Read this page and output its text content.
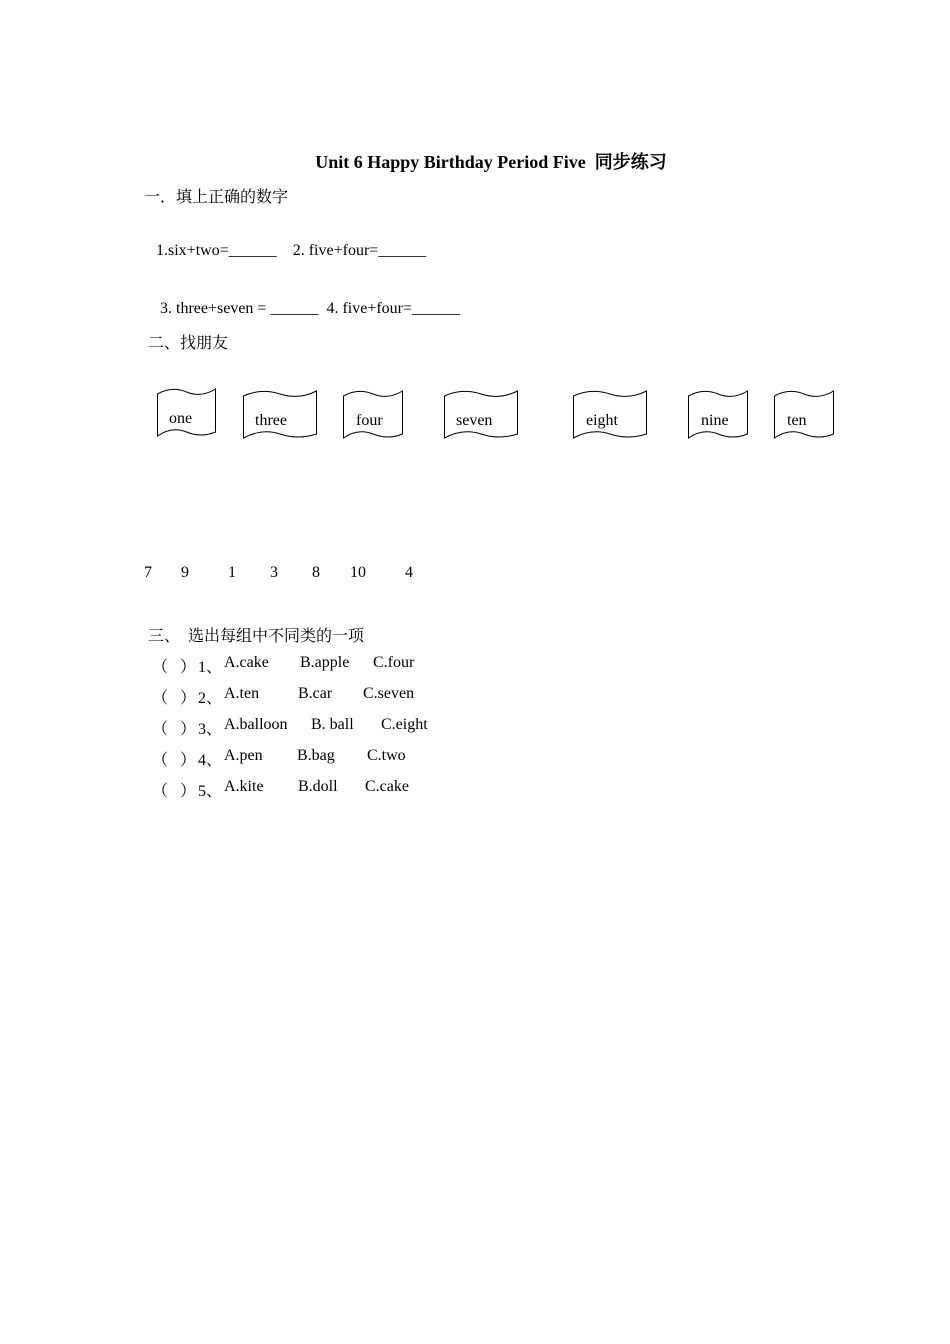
Unit 6 Happy Birthday Period Five  同步练习
一．填上正确的数字
1.six+two=______    2. five+four=______
3. three+seven = ______  4. five+four=______
二、找朋友
one	three	four	seven	eight	nine	ten
7 9 1 3 8 10 4
三、  选出每组中不同类的一项
（   ） 1、 A.cake B.apple C.four
（   ） 2、 A.ten B.car C.seven
（   ） 3、 A.balloon B. ball C.eight
（   ） 4、 A.pen B.bag C.two
（   ） 5、 A.kite B.doll C.cake
